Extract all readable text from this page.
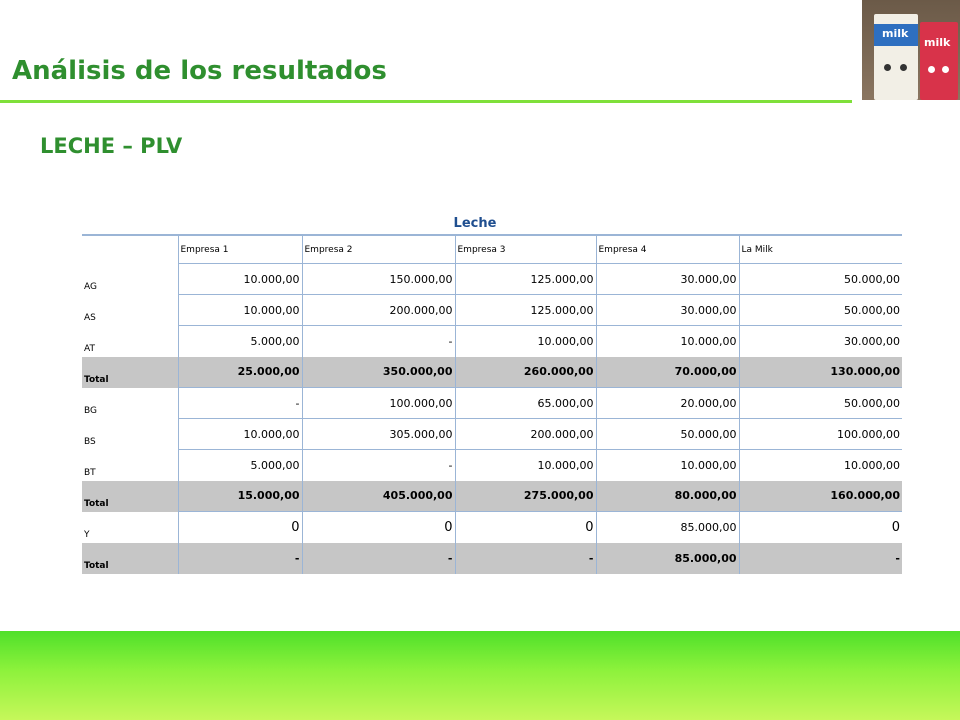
Análisis de los resultados
milk
milk
LECHE – PLV
Leche
	Empresa 1	Empresa 2	Empresa 3	Empresa 4	La Milk
AG	10.000,00	150.000,00	125.000,00	30.000,00	50.000,00
AS	10.000,00	200.000,00	125.000,00	30.000,00	50.000,00
AT	5.000,00	-	10.000,00	10.000,00	30.000,00
Total	25.000,00	350.000,00	260.000,00	70.000,00	130.000,00
BG	-	100.000,00	65.000,00	20.000,00	50.000,00
BS	10.000,00	305.000,00	200.000,00	50.000,00	100.000,00
BT	5.000,00	-	10.000,00	10.000,00	10.000,00
Total	15.000,00	405.000,00	275.000,00	80.000,00	160.000,00
Y	0	0	0	85.000,00	0
Total	-	-	-	85.000,00	-
